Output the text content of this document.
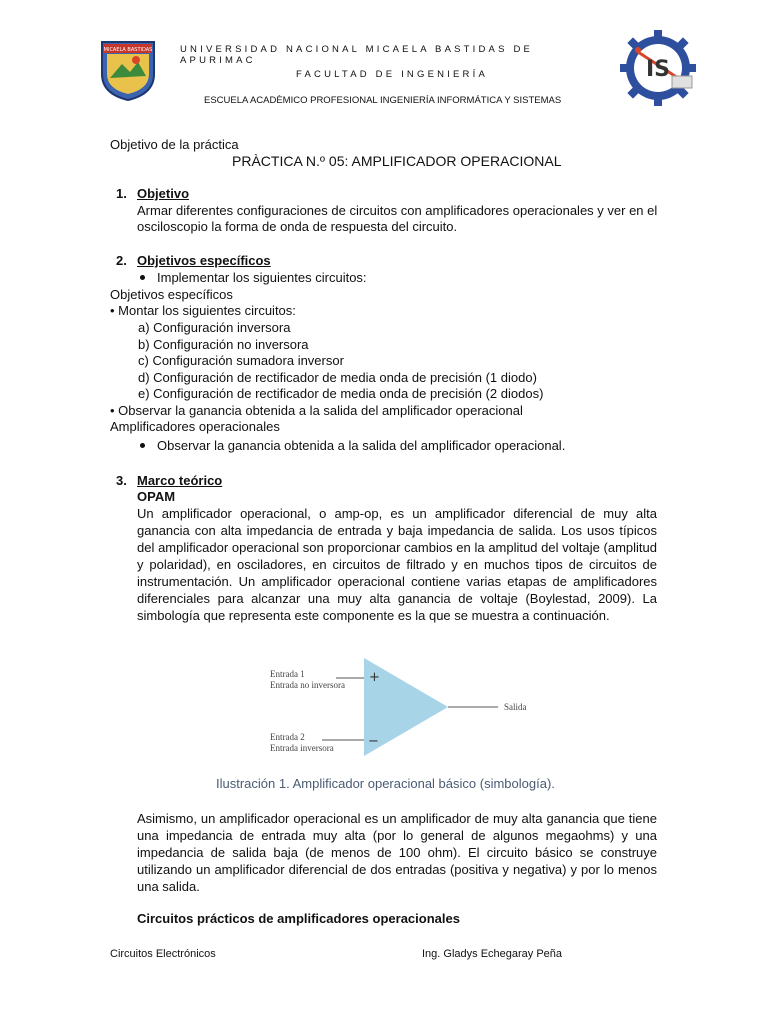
MICAELA BASTIDAS	UNIVERSIDAD NACIONAL MICAELA BASTIDAS DE APURIMAC
FACULTAD DE INGENIERÍA
ESCUELA ACADÈMICO PROFESIONAL INGENIERÍA INFORMÁTICA Y SISTEMAS
IS
Objetivo de la práctica
PRÀCTICA N.º 05: AMPLIFICADOR OPERACIONAL
1. Objetivo
Armar diferentes configuraciones de circuitos con amplificadores operacionales y ver en el
osciloscopio la forma de onda de respuesta del circuito.
2. Objetivos específicos
Implementar los siguientes circuitos:
Objetivos específicos
• Montar los siguientes circuitos:
a) Configuración inversora
b) Configuración no inversora
c) Configuración sumadora inversor
d) Configuración de rectificador de media onda de precisión (1 diodo)
e) Configuración de rectificador de media onda de precisión (2 diodos)
• Observar la ganancia obtenida a la salida del amplificador operacional
Amplificadores operacionales
Observar la ganancia obtenida a la salida del amplificador operacional.
3. Marco teórico
OPAM
Un amplificador operacional, o amp-op, es un amplificador diferencial de muy alta ganancia con alta impedancia de entrada y baja impedancia de salida. Los usos típicos del amplificador operacional son proporcionar cambios en la amplitud del voltaje (amplitud y polaridad), en osciladores, en circuitos de filtrado y en muchos tipos de circuitos de instrumentación. Un amplificador operacional contiene varias etapas de amplificadores diferenciales para alcanzar una muy alta ganancia de voltaje (Boylestad, 2009). La simbología que representa este componente es la que se muestra a continuación.
Entrada 1
Entrada no inversora
Entrada 2
Entrada inversora
+
−
Salida
Ilustración 1. Amplificador operacional básico (simbología).
Asimismo, un amplificador operacional es un amplificador de muy alta ganancia que tiene una impedancia de entrada muy alta (por lo general de algunos megaohms) y una impedancia de salida baja (de menos de 100 ohm). El circuito básico se construye utilizando un amplificador diferencial de dos entradas (positiva y negativa) y por lo menos una salida.
Circuitos prácticos de amplificadores operacionales
Circuitos Electrónicos	Ing. Gladys Echegaray Peña
